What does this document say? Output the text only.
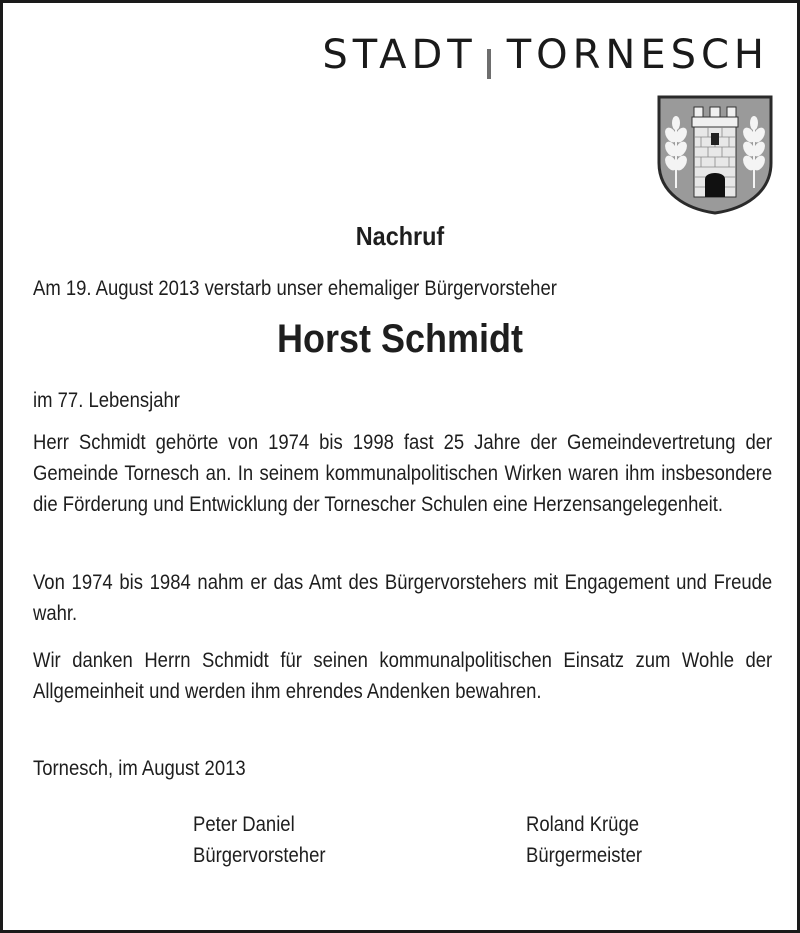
STADT TORNESCH
Nachruf
Am 19. August 2013 verstarb unser ehemaliger Bürgervorsteher
Horst Schmidt
im 77. Lebensjahr
Herr Schmidt gehörte von 1974 bis 1998 fast 25 Jahre der Gemeindevertretung der Gemeinde Tornesch an. In seinem kommunalpolitischen Wirken waren ihm insbesondere die Förderung und Entwicklung der Tornescher Schulen eine Herzensangelegenheit.
Von 1974 bis 1984 nahm er das Amt des Bürgervorstehers mit Engagement und Freude wahr.
Wir danken Herrn Schmidt für seinen kommunalpolitischen Einsatz zum Wohle der Allgemeinheit und werden ihm ehrendes Andenken bewahren.
Tornesch, im August 2013
Peter Daniel
Bürgervorsteher
Roland Krüge
Bürgermeister
